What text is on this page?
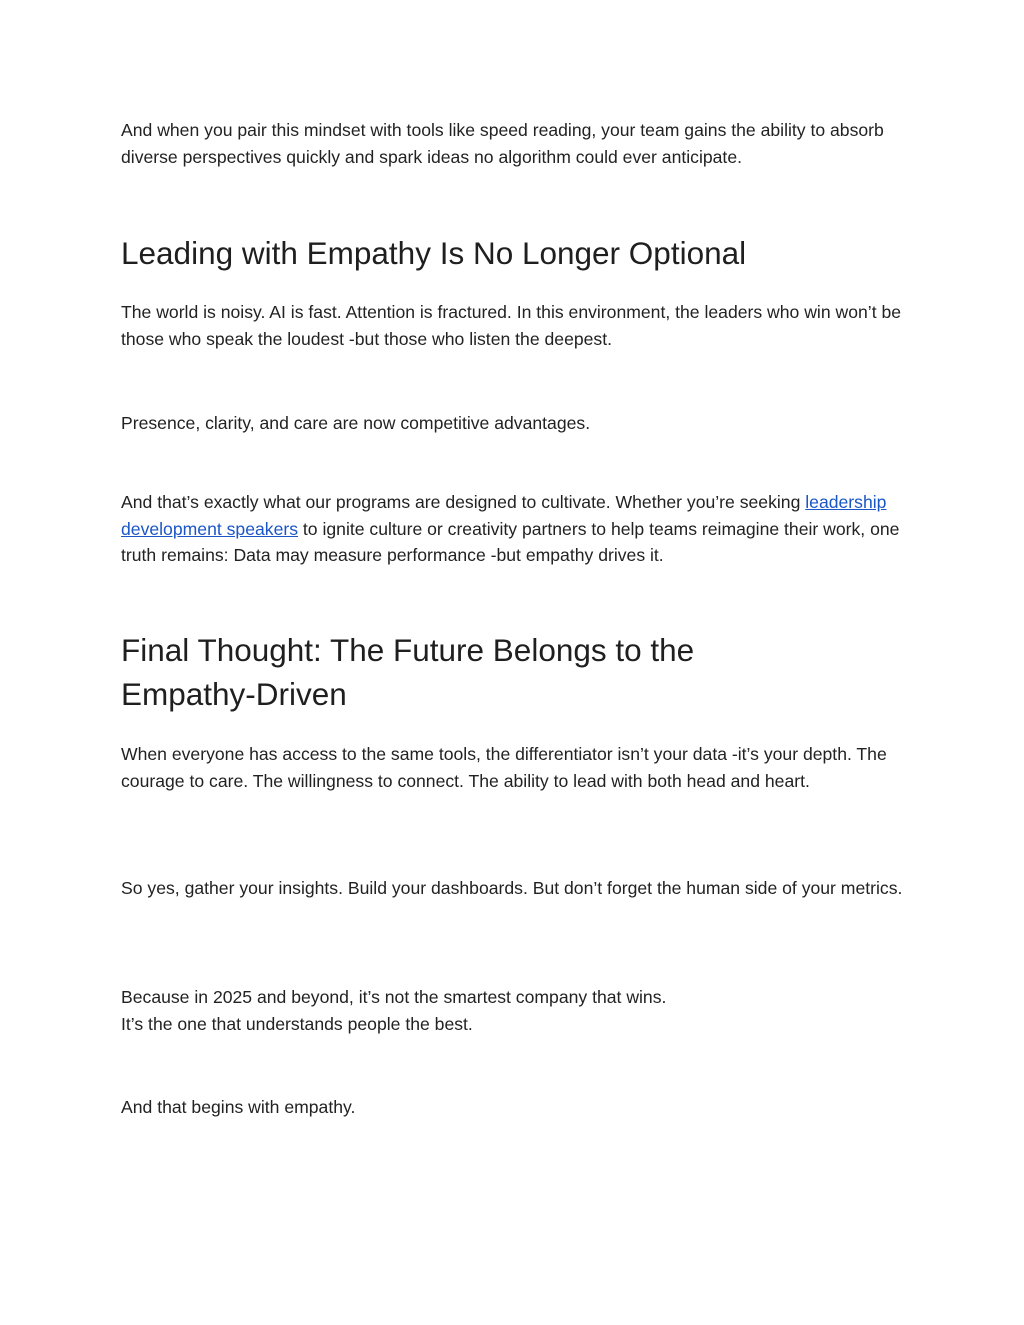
And when you pair this mindset with tools like speed reading, your team gains the ability to absorb diverse perspectives quickly and spark ideas no algorithm could ever anticipate.

Leading with Empathy Is No Longer Optional

The world is noisy. AI is fast. Attention is fractured. In this environment, the leaders who win won’t be those who speak the loudest -but those who listen the deepest.

Presence, clarity, and care are now competitive advantages.

And that’s exactly what our programs are designed to cultivate. Whether you’re seeking leadership development speakers to ignite culture or creativity partners to help teams reimagine their work, one truth remains: Data may measure performance -but empathy drives it.

Final Thought: The Future Belongs to the Empathy-Driven

When everyone has access to the same tools, the differentiator isn’t your data -it’s your depth. The courage to care. The willingness to connect. The ability to lead with both head and heart.

So yes, gather your insights. Build your dashboards. But don’t forget the human side of your metrics.

Because in 2025 and beyond, it’s not the smartest company that wins.
It’s the one that understands people the best.

And that begins with empathy.
